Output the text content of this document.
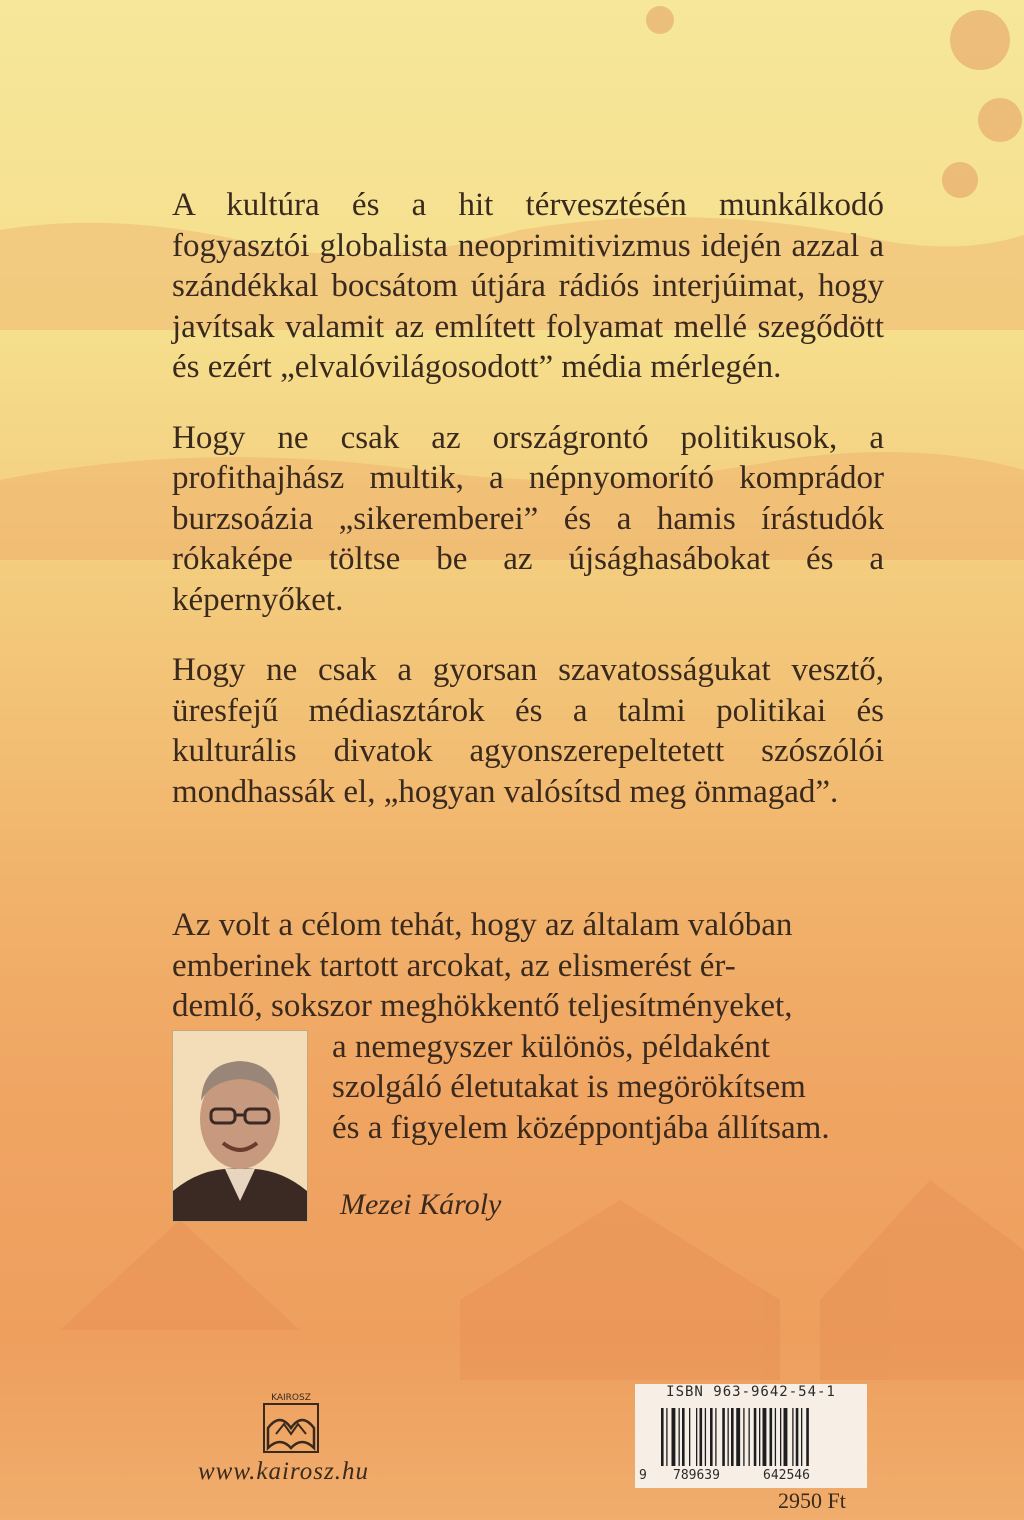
A kultúra és a hit térvesztésén munkálkodó fogyasztói globalista neoprimitivizmus idején azzal a szándékkal bocsátom útjára rádiós interjúimat, hogy javítsak valamit az említett folyamat mellé szegődött és ezért „elvalóvilágosodott” média mérlegén.

Hogy ne csak az országrontó politikusok, a profithajhász multik, a népnyomorító komprádor burzsoázia „sikeremberei” és a hamis írástudók rókaképe töltse be az újsághasábokat és a képernyőket.

Hogy ne csak a gyorsan szavatosságukat vesztő, üresfejű médiasztárok és a talmi politikai és kulturális divatok agyonszerepeltetett szószólói mondhassák el, „hogyan valósítsd meg önmagad”.

Az volt a célom tehát, hogy az általam valóban
emberinek tartott arcokat, az elismerést ér-
demlő, sokszor meghökkentő teljesítményeket,
a nemegyszer különös, példaként
szolgáló életutakat is megörökítsem
és a figyelem középpontjába állítsam.
Mezei Károly
KAIROSZ
www.kairosz.hu
ISBN 963-9642-54-1
9 789639	642546
2950 Ft
